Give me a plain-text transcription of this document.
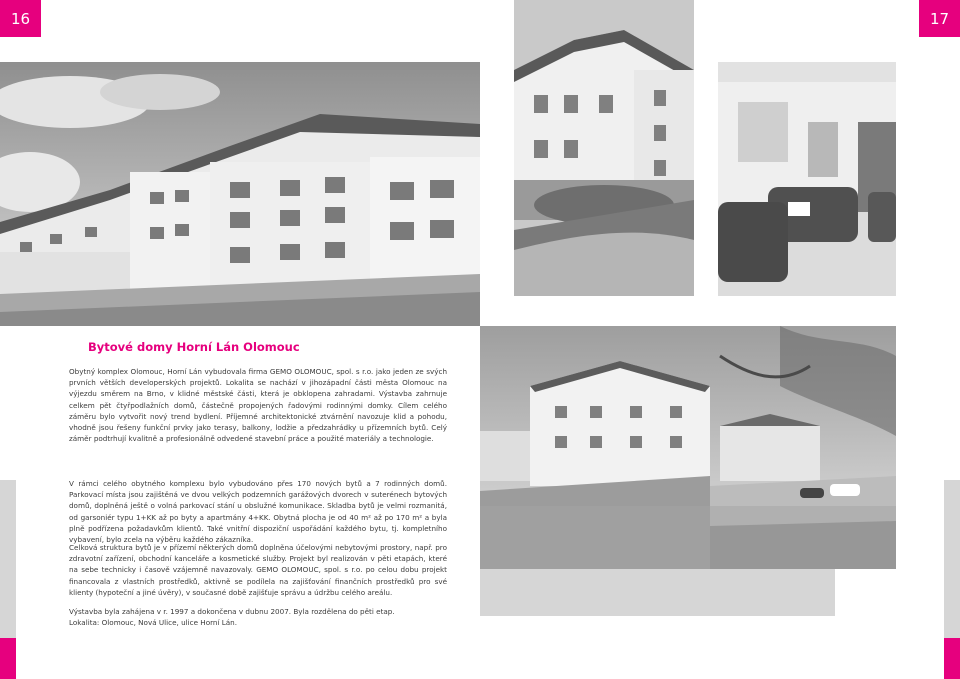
16	17
Bytové domy Horní Lán Olomouc

Obytný komplex Olomouc, Horní Lán vybudovala firma GEMO OLOMOUC, spol. s r.o. jako jeden ze svých prvních větších developerských projektů. Lokalita se nachází v jihozápadní části města Olomouc na výjezdu směrem na Brno, v klidné městské části, která je obklopena zahradami. Výstavba zahrnuje celkem pět čtyřpodlažních domů, částečně propojených řadovými rodinnými domky. Cílem celého záměru bylo vytvořit nový trend bydlení. Příjemné architektonické ztvárnění navozuje klid a pohodu, vhodně jsou řešeny funkční prvky jako terasy, balkony, lodžie a předzahrádky u přízemních bytů. Celý záměr podtrhují kvalitně a profesionálně odvedené stavební práce a použité materiály a technologie.

V rámci celého obytného komplexu bylo vybudováno přes 170 nových bytů a 7 rodinných domů. Parkovací místa jsou zajištěná ve dvou velkých podzemních garážových dvorech v suterénech bytových domů, doplněná ještě o volná parkovací stání u obslužné komunikace. Skladba bytů je velmi rozmanitá, od garsoniér typu 1+KK až po byty a apartmány 4+KK. Obytná plocha je od 40 m² až po 170 m² a byla plně podřízena požadavkům klientů. Také vnitřní dispoziční uspořádání každého bytu, tj. kompletního vybavení, bylo zcela na výběru každého zákazníka.

Celková struktura bytů je v přízemí některých domů doplněna účelovými nebytovými prostory, např. pro zdravotní zařízení, obchodní kanceláře a kosmetické služby. Projekt byl realizován v pěti etapách, které na sebe technicky i časově vzájemně navazovaly. GEMO OLOMOUC, spol. s r.o. po celou dobu projekt financovala z vlastních prostředků, aktivně se podílela na zajišťování finančních prostředků pro své klienty (hypoteční a jiné úvěry), v současné době zajišťuje správu a údržbu celého areálu.

Výstavba byla zahájena v r. 1997 a dokončena v dubnu 2007. Byla rozdělena do pěti etap.
Lokalita: Olomouc, Nová Ulice, ulice Horní Lán.
